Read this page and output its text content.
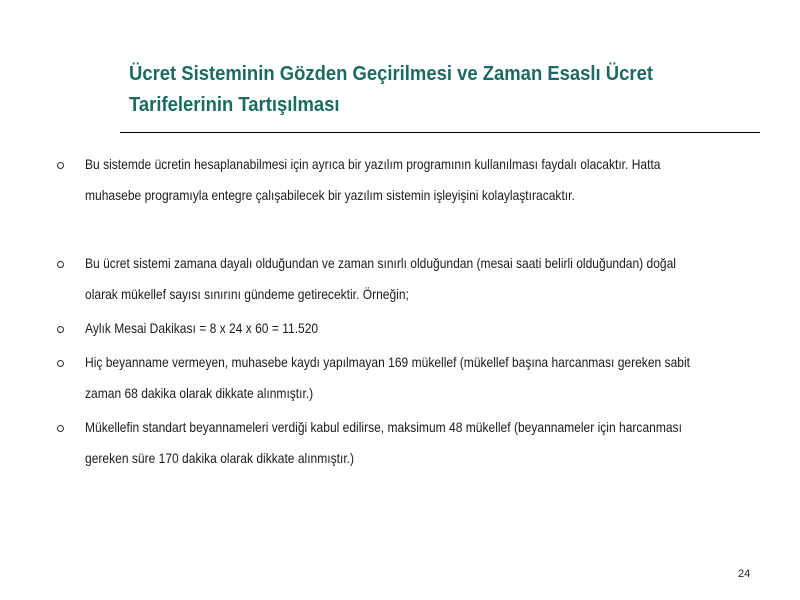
Ücret Sisteminin Gözden Geçirilmesi ve Zaman Esaslı Ücret
Tarifelerinin Tartışılması
Bu sistemde ücretin hesaplanabilmesi için ayrıca bir yazılım programının kullanılması faydalı olacaktır. Hatta
muhasebe programıyla entegre çalışabilecek bir yazılım sistemin işleyişini kolaylaştıracaktır.
Bu ücret sistemi zamana dayalı olduğundan ve zaman sınırlı olduğundan (mesai saati belirli olduğundan) doğal
olarak mükellef sayısı sınırını gündeme getirecektir. Örneğin;
Aylık Mesai Dakikası = 8 x 24 x 60 = 11.520
Hiç beyanname vermeyen, muhasebe kaydı yapılmayan 169 mükellef (mükellef başına harcanması gereken sabit
zaman 68 dakika olarak dikkate alınmıştır.)
Mükellefin standart beyannameleri verdiği kabul edilirse, maksimum 48 mükellef (beyannameler için harcanması
gereken süre 170 dakika olarak dikkate alınmıştır.)
24
